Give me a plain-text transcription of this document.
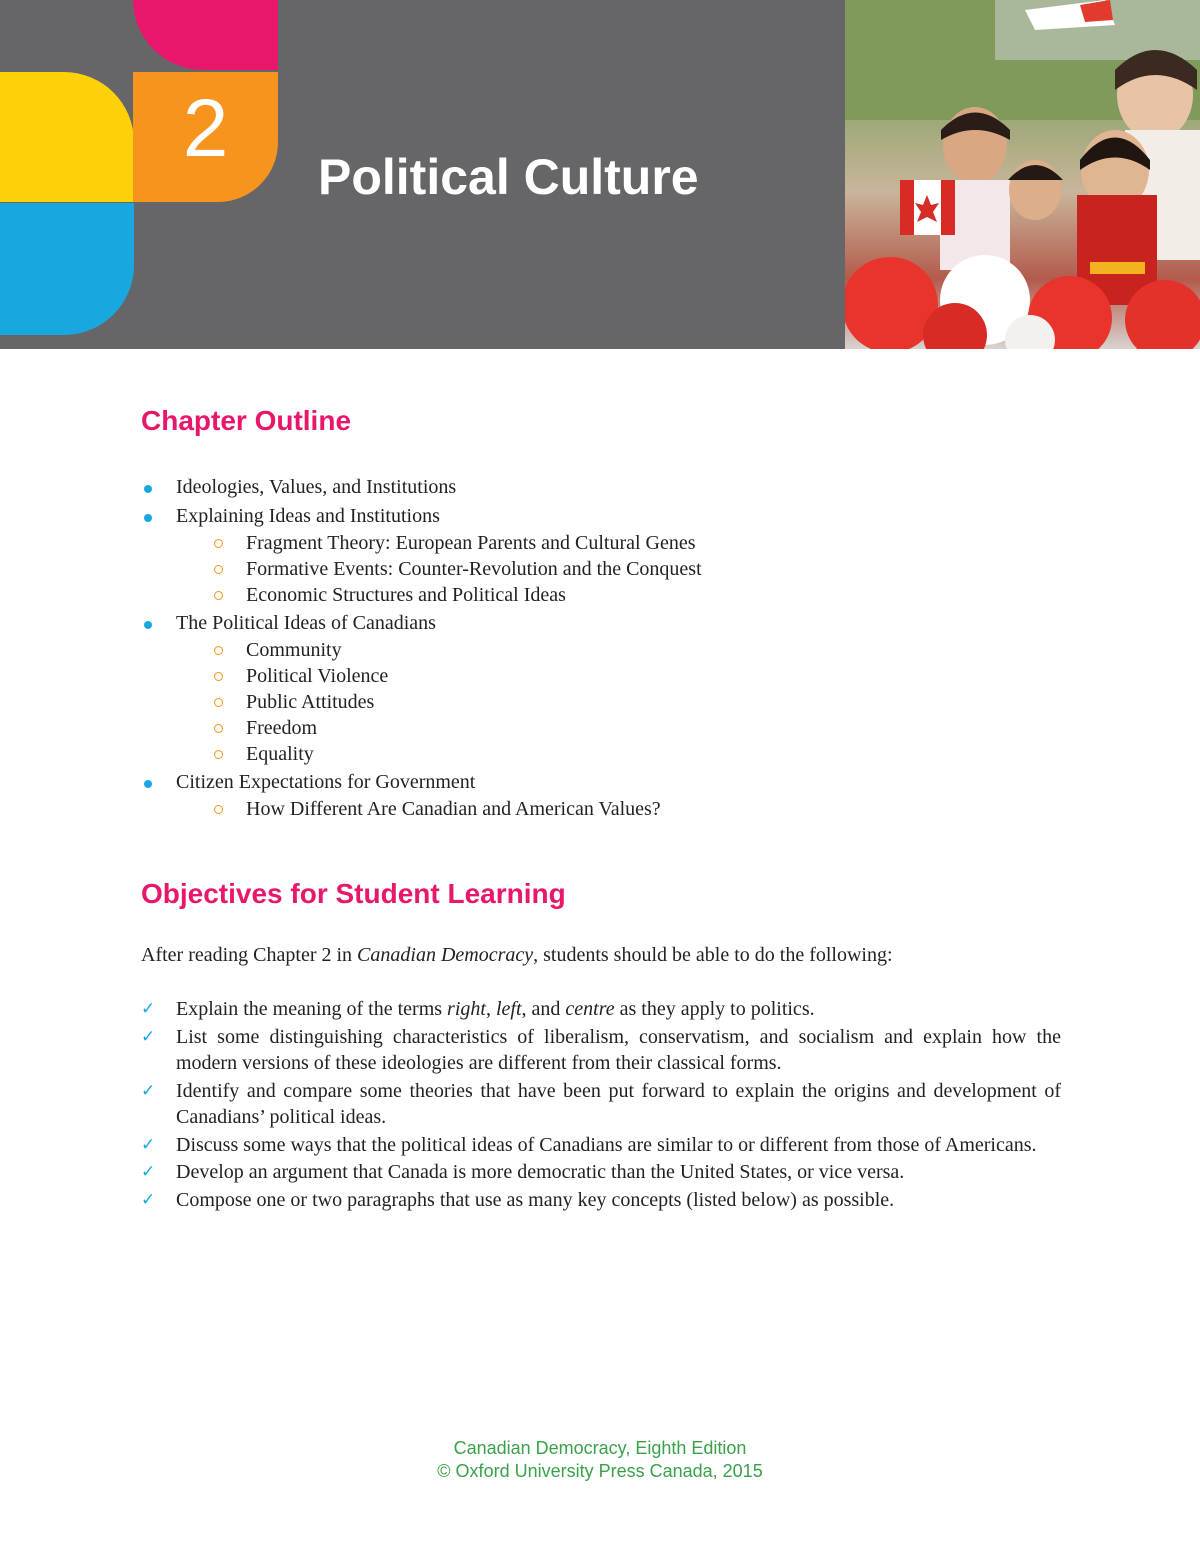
2
Political Culture
Chapter Outline
Ideologies, Values, and Institutions
Explaining Ideas and Institutions
Fragment Theory: European Parents and Cultural Genes
Formative Events: Counter-Revolution and the Conquest
Economic Structures and Political Ideas
The Political Ideas of Canadians
Community
Political Violence
Public Attitudes
Freedom
Equality
Citizen Expectations for Government
How Different Are Canadian and American Values?
Objectives for Student Learning

After reading Chapter 2 in Canadian Democracy, students should be able to do the following:

✓ Explain the meaning of the terms right, left, and centre as they apply to politics.
✓ List some distinguishing characteristics of liberalism, conservatism, and socialism and explain how the modern versions of these ideologies are different from their classical forms.
✓ Identify and compare some theories that have been put forward to explain the origins and development of Canadians’ political ideas.
✓ Discuss some ways that the political ideas of Canadians are similar to or different from those of Americans.
✓ Develop an argument that Canada is more democratic than the United States, or vice versa.
✓ Compose one or two paragraphs that use as many key concepts (listed below) as possible.
Canadian Democracy, Eighth Edition
© Oxford University Press Canada, 2015
